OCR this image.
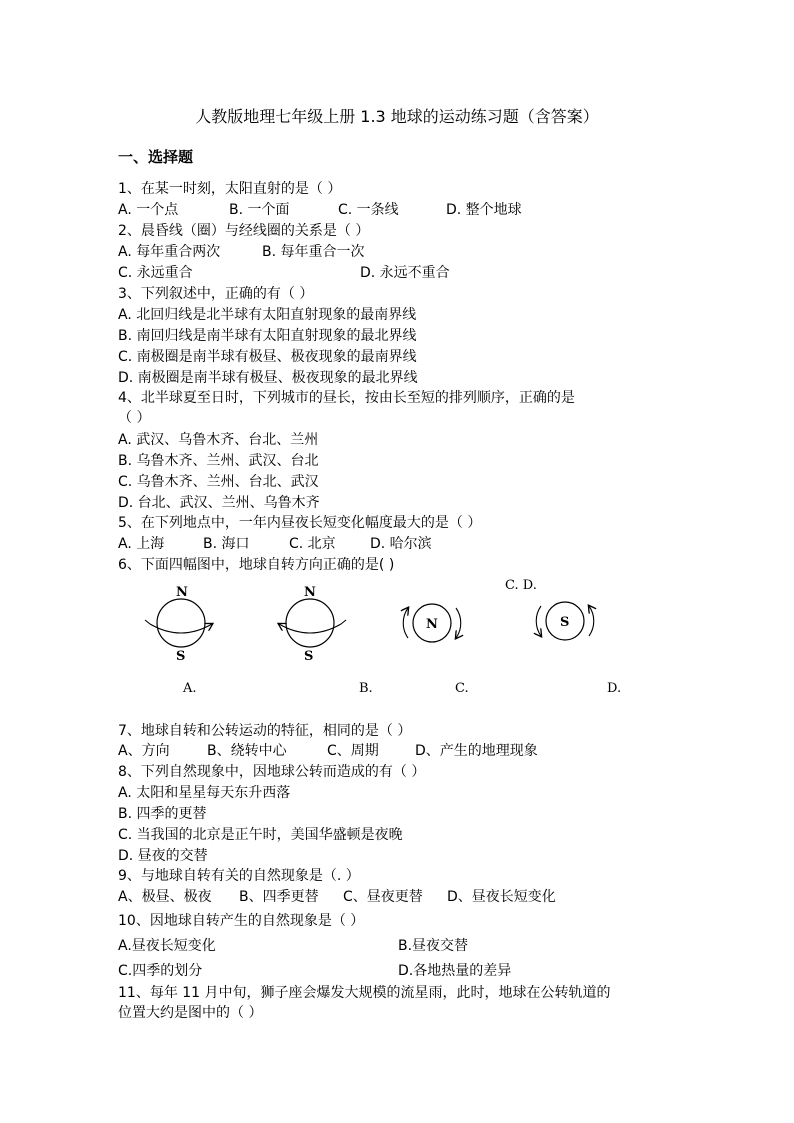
人教版地理七年级上册 1.3 地球的运动练习题（含答案）
一、选择题
1、在某一时刻，太阳直射的是（ ）
A. 一个点	B. 一个面	C. 一条线	D. 整个地球
2、晨昏线（圈）与经线圈的关系是（ ）
A. 每年重合两次	B. 每年重合一次
C. 永远重合	D. 永远不重合
3、下列叙述中，正确的有（ ）
A. 北回归线是北半球有太阳直射现象的最南界线
B. 南回归线是南半球有太阳直射现象的最北界线
C. 南极圈是南半球有极昼、极夜现象的最南界线
D. 南极圈是南半球有极昼、极夜现象的最北界线
4、北半球夏至日时，下列城市的昼长，按由长至短的排列顺序，正确的是
（ ）
A. 武汉、乌鲁木齐、台北、兰州
B. 乌鲁木齐、兰州、武汉、台北
C. 乌鲁木齐、兰州、台北、武汉
D. 台北、武汉、兰州、乌鲁木齐
5、在下列地点中，一年内昼夜长短变化幅度最大的是（ ）
A. 上海	B. 海口	C. 北京 D. 哈尔滨
6、下面四幅图中，地球自转方向正确的是( )
C. D.
N
S
N
S
N	S
A.	B.	C.	D.
7、地球自转和公转运动的特征，相同的是（ ）
A、方向	B、绕转中心	C、周期	D、产生的地理现象
8、下列自然现象中，因地球公转而造成的有（ ）
A. 太阳和星星每天东升西落
B. 四季的更替
C. 当我国的北京是正午时，美国华盛顿是夜晚
D. 昼夜的交替
9、与地球自转有关的自然现象是（. ）
A、极昼、极夜 B、四季更替 C、昼夜更替 D、昼夜长短变化
10、因地球自转产生的自然现象是（ ）
A.昼夜长短变化	B.昼夜交替
C.四季的划分	D.各地热量的差异
11、每年 11 月中旬，狮子座会爆发大规模的流星雨，此时，地球在公转轨道的
位置大约是图中的（ ）
